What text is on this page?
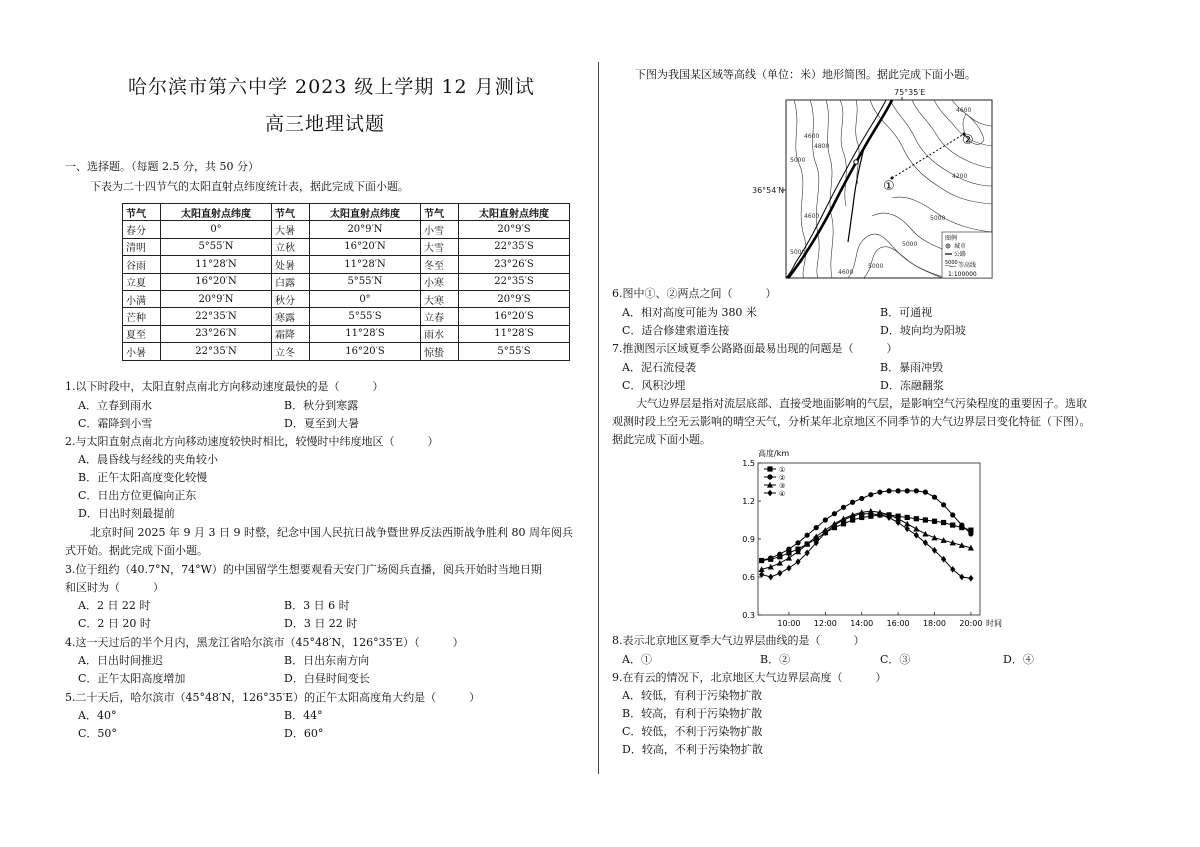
哈尔滨市第六中学 2023 级上学期 12 月测试
高三地理试题
一、选择题。（每题 2.5 分，共 50 分）
下表为二十四节气的太阳直射点纬度统计表，据此完成下面小题。
节气	太阳直射点纬度	节气	太阳直射点纬度	节气	太阳直射点纬度
春分	0°	大暑	20°9′N	小雪	20°9′S
清明	5°55′N	立秋	16°20′N	大雪	22°35′S
谷雨	11°28′N	处暑	11°28′N	冬至	23°26′S
立夏	16°20′N	白露	5°55′N	小寒	22°35′S
小满	20°9′N	秋分	0°	大寒	20°9′S
芒种	22°35′N	寒露	5°55′S	立春	16°20′S
夏至	23°26′N	霜降	11°28′S	雨水	11°28′S
小暑	22°35′N	立冬	16°20′S	惊蛰	5°55′S
1.以下时段中，太阳直射点南北方向移动速度最快的是（　　　）
A．立春到雨水	B．秋分到寒露
C．霜降到小雪	D．夏至到大暑
2.与太阳直射点南北方向移动速度较快时相比，较慢时中纬度地区（　　　）
A．晨昏线与经线的夹角较小
B．正午太阳高度变化较慢
C．日出方位更偏向正东
D．日出时刻最提前
北京时间 2025 年 9 月 3 日 9 时整，纪念中国人民抗日战争暨世界反法西斯战争胜利 80 周年阅兵
式开始。据此完成下面小题。
3.位于纽约（40.7°N，74°W）的中国留学生想要观看天安门广场阅兵直播，阅兵开始时当地日期
和区时为（　　　）
A．2 日 22 时	B．3 日 6 时
C．2 日 20 时	D．3 日 22 时
4.这一天过后的半个月内，黑龙江省哈尔滨市（45°48′N，126°35′E）（　　　）
A．日出时间推迟	B．日出东南方向
C．正午太阳高度增加	D．白昼时间变长
5.二十天后，哈尔滨市（45°48′N，126°35′E）的正午太阳高度角大约是（　　　）
A．40°	B．44°
C．50°	D．60°
下图为我国某区域等高线（单位：米）地形简图。据此完成下面小题。
75°35′E
36°54′N	①
②
4600
5000
4800
4600
4200
5000
5000
4600
5000
4600
5000
图例
城市
公路
5000 等高线
1:100000
6.图中①、②两点之间（　　　）
A．相对高度可能为 380 米	B．可通视
C．适合修建索道连接	D．坡向均为阳坡
7.推测图示区域夏季公路路面最易出现的问题是（　　　）
A．泥石流侵袭	B．暴雨冲毁
C．风积沙埋	D．冻融翻浆
大气边界层是指对流层底部、直接受地面影响的气层，是影响空气污染程度的重要因子。选取
观测时段上空无云影响的晴空天气，分析某年北京地区不同季节的大气边界层日变化特征（下图）。
据此完成下面小题。
高度/km
时间
1.5
1.2
0.9
0.6
0.3
10:00 12:00 14:00 16:00 18:00 20:00
①
②
③
④
8.表示北京地区夏季大气边界层曲线的是（　　　）
A．①	B．②	C．③	D．④
9.在有云的情况下，北京地区大气边界层高度（　　　）
A．较低，有利于污染物扩散
B．较高，有利于污染物扩散
C．较低，不利于污染物扩散
D．较高，不利于污染物扩散
